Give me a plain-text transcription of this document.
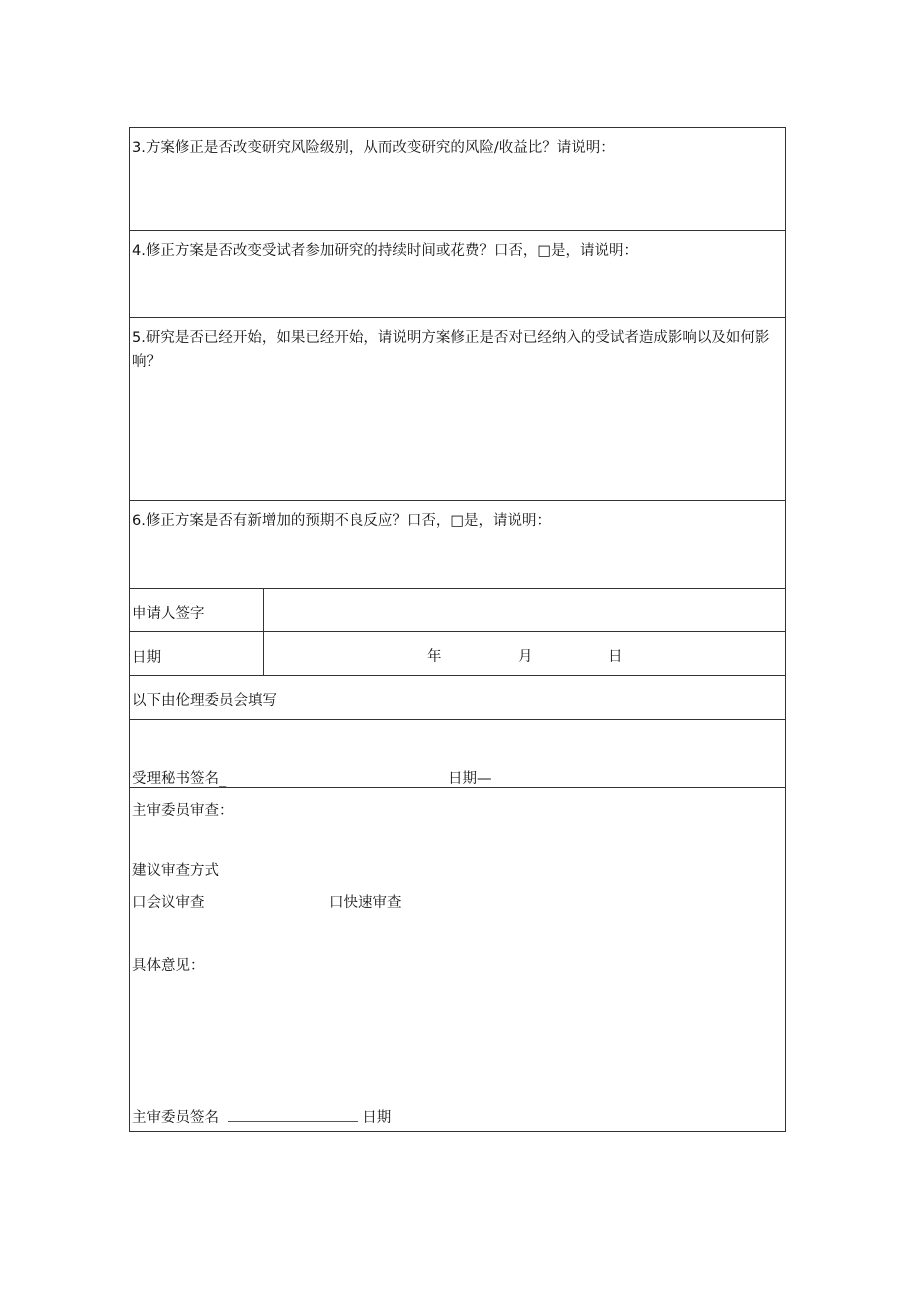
3.方案修正是否改变研究风险级别，从而改变研究的风险/收益比？请说明：
4.修正方案是否改变受试者参加研究的持续时间或花费？口否，□是，请说明：
5.研究是否已经开始，如果已经开始，请说明方案修正是否对已经纳入的受试者造成影响以及如何影响？
6.修正方案是否有新增加的预期不良反应？口否，□是，请说明：
申请人签字
日期	年	月	日
以下由伦理委员会填写
受理秘书签名_	日期—
主审委员审查：
建议审查方式
口会议审查	口快速审查
具体意见：
主审委员签名	日期
